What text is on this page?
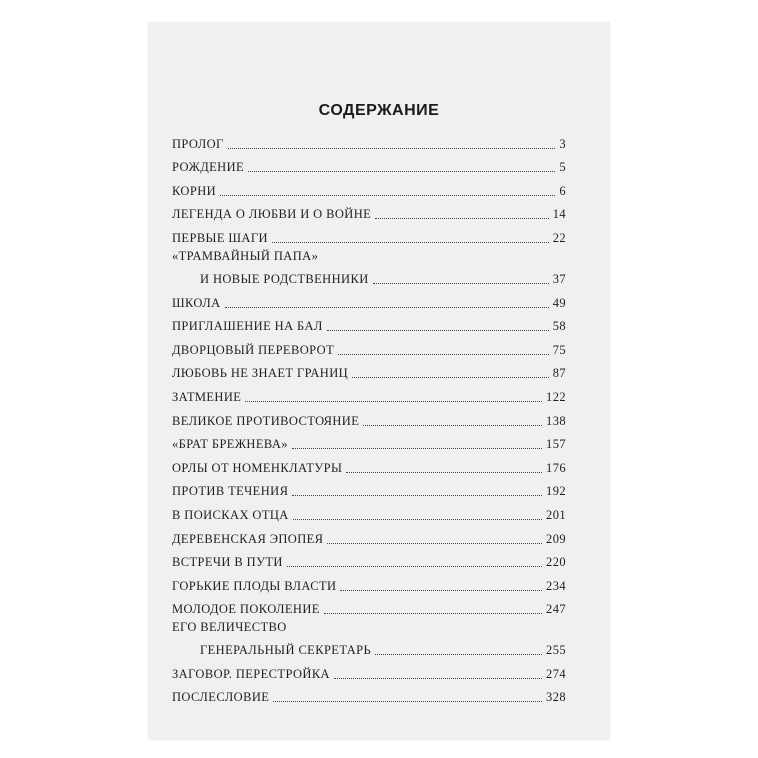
СОДЕРЖАНИЕ
ПРОЛОГ	3
РОЖДЕНИЕ	5
КОРНИ	6
ЛЕГЕНДА О ЛЮБВИ И О ВОЙНЕ	14
ПЕРВЫЕ ШАГИ	22
«ТРАМВАЙНЫЙ ПАПА»
И НОВЫЕ РОДСТВЕННИКИ	37
ШКОЛА	49
ПРИГЛАШЕНИЕ НА БАЛ	58
ДВОРЦОВЫЙ ПЕРЕВОРОТ	75
ЛЮБОВЬ НЕ ЗНАЕТ ГРАНИЦ	87
ЗАТМЕНИЕ	122
ВЕЛИКОЕ ПРОТИВОСТОЯНИЕ	138
«БРАТ БРЕЖНЕВА»	157
ОРЛЫ ОТ НОМЕНКЛАТУРЫ	176
ПРОТИВ ТЕЧЕНИЯ	192
В ПОИСКАХ ОТЦА	201
ДЕРЕВЕНСКАЯ ЭПОПЕЯ	209
ВСТРЕЧИ В ПУТИ	220
ГОРЬКИЕ ПЛОДЫ ВЛАСТИ	234
МОЛОДОЕ ПОКОЛЕНИЕ	247
ЕГО ВЕЛИЧЕСТВО
ГЕНЕРАЛЬНЫЙ СЕКРЕТАРЬ	255
ЗАГОВОР. ПЕРЕСТРОЙКА	274
ПОСЛЕСЛОВИЕ	328
